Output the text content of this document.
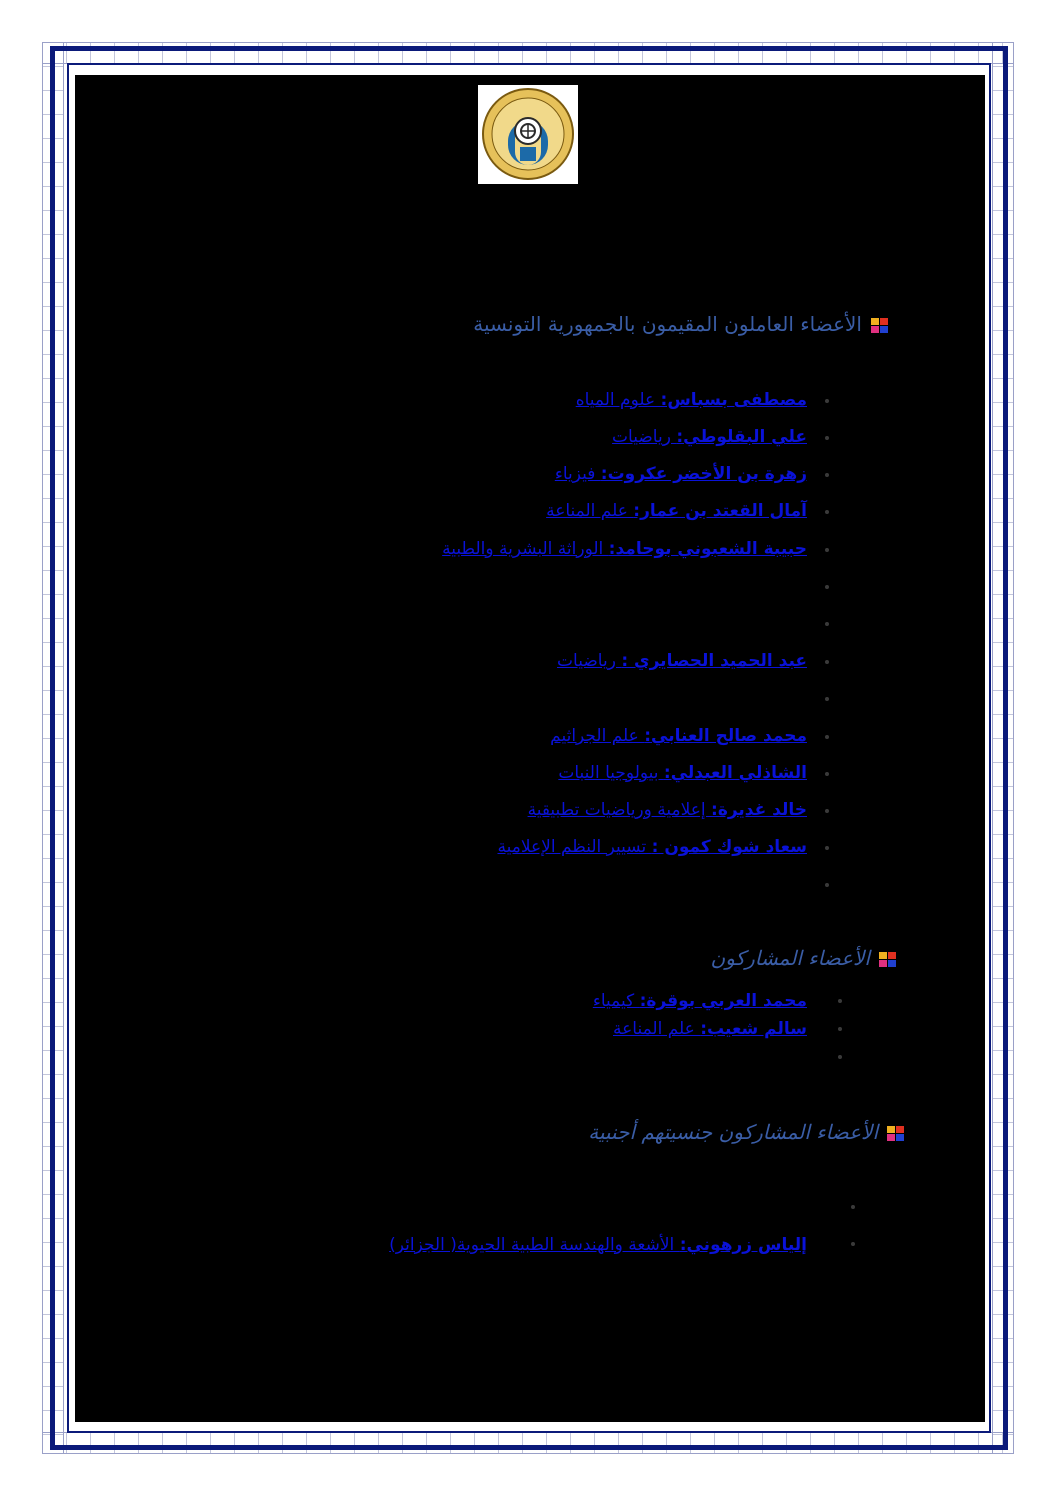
الأعضاء العاملون المقيمون بالجمهورية التونسية
مصطفى بسباس: علوم المياه
علي البقلوطي: رياضيات
زهرة بن الأخضر عكروت: فيزياء
آمال القعتد بن عمار: علم المناعة
حبيبة الشعبوني بوحامد: الوراثة البشرية والطبية
عبد الحميد الحصايري : رياضيات
محمد صالح العنابي: علم الجراثيم
الشاذلي العبدلي: بيولوجيا النبات
خالد غديرة: إعلامية ورياضيات تطبيقية
سعاد شوك كمون : تسيير النظم الإعلامية
الأعضاء المشاركون
محمد العربي بوقرة: كيمياء
سالم شعيب: علم المناعة
الأعضاء المشاركون جنسيتهم أجنبية
إلياس زرهوني: الأشعة والهندسة الطبية الحيوية( الجزائر)
